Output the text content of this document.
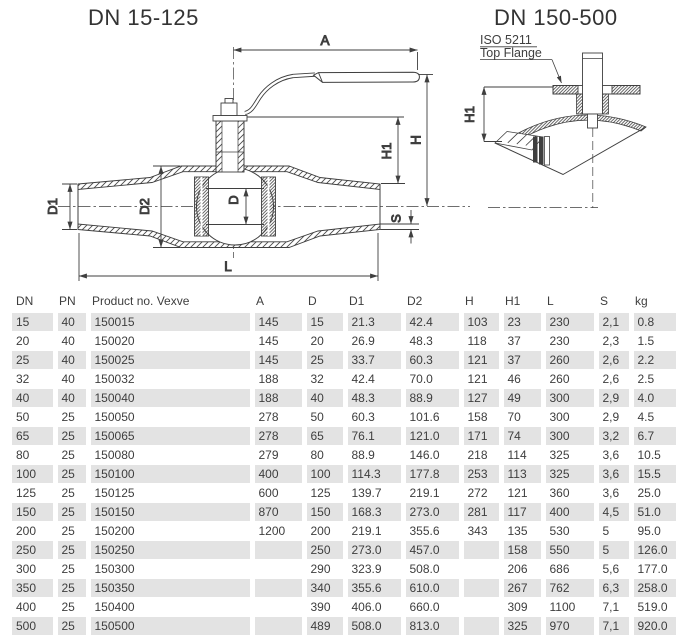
DN 15-125	DN 150-500
A
H
H1
D1	D2	D
L
S
H1
ISO 5211
Top Flange
DN	PN	Product no. Vexve	A	D	D1	D2	H	H1	L	S	kg
15	40	150015	145	15	21.3	42.4	103	23	230	2,1	0.8
20	40	150020	145	20	26.9	48.3	118	37	230	2,3	1.5
25	40	150025	145	25	33.7	60.3	121	37	260	2,6	2.2
32	40	150032	188	32	42.4	70.0	121	46	260	2,6	2.5
40	40	150040	188	40	48.3	88.9	127	49	300	2,9	4.0
50	25	150050	278	50	60.3	101.6	158	70	300	2,9	4.5
65	25	150065	278	65	76.1	121.0	171	74	300	3,2	6.7
80	25	150080	279	80	88.9	146.0	218	114	325	3,6	10.5
100	25	150100	400	100	114.3	177.8	253	113	325	3,6	15.5
125	25	150125	600	125	139.7	219.1	272	121	360	3,6	25.0
150	25	150150	870	150	168.3	273.0	281	117	400	4,5	51.0
200	25	150200	1200	200	219.1	355.6	343	135	530	5	95.0
250	25	150250		250	273.0	457.0		158	550	5	126.0
300	25	150300		290	323.9	508.0		206	686	5,6	177.0
350	25	150350		340	355.6	610.0		267	762	6,3	258.0
400	25	150400		390	406.0	660.0		309	1100	7,1	519.0
500	25	150500		489	508.0	813.0		325	970	7,1	920.0
